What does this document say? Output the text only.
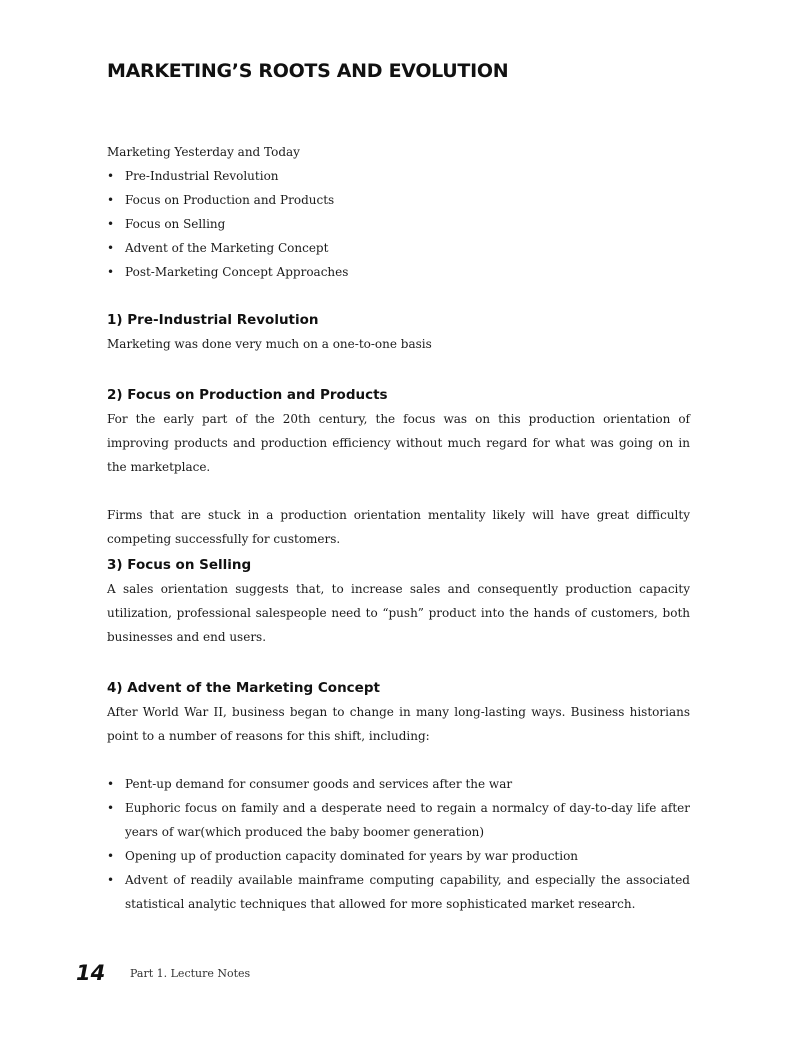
MARKETING’S ROOTS AND EVOLUTION

Marketing Yesterday and Today

• Pre-Industrial Revolution
• Focus on Production and Products
• Focus on Selling
• Advent of the Marketing Concept
• Post-Marketing Concept Approaches
1) Pre-Industrial Revolution

Marketing was done very much on a one-to-one basis

2) Focus on Production and Products

For the early part of the 20th century, the focus was on this production orientation of improving products and production efficiency without much regard for what was going on in the marketplace.

Firms that are stuck in a production orientation mentality likely will have great difficulty competing successfully for customers.

3) Focus on Selling

A sales orientation suggests that, to increase sales and consequently production capacity utilization, professional salespeople need to “push” product into the hands of customers, both businesses and end users.

4) Advent of the Marketing Concept

After World War II, business began to change in many long-lasting ways. Business historians point to a number of reasons for this shift, including:

• Pent-up demand for consumer goods and services after the war
• Euphoric focus on family and a desperate need to regain a normalcy of day-to-day life after years of war(which produced the baby boomer generation)
• Opening up of production capacity dominated for years by war production
• Advent of readily available mainframe computing capability, and especially the associated statistical analytic techniques that allowed for more sophisticated market research.
14 Part 1. Lecture Notes
